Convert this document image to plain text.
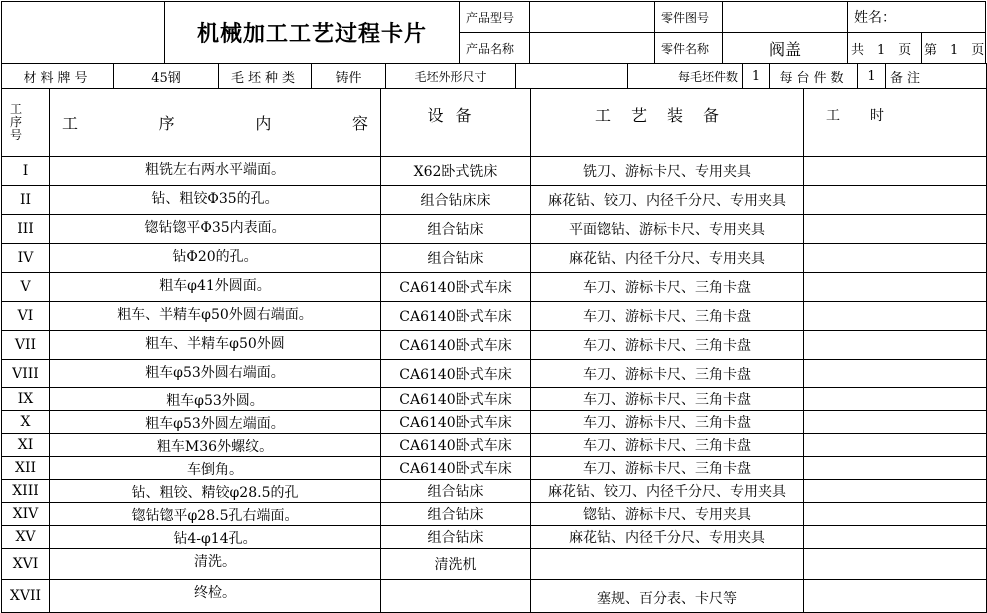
	机械加工工艺过程卡片	产品型号		零件图号		姓名：	
		产品名称		零件名称	阀盖	共　1　页	第　1　页
材料牌号	45钢	毛坯种类	铸件	毛坯外形尺寸		每毛坯件数	1	每台件数	1	备注
工序号	工 序 内 容	设备	工艺装备	工时
I	粗铣左右两水平端面。	X62卧式铣床	铣刀、游标卡尺、专用夹具	
II	钻、粗铰Φ35的孔。	组合钻床床	麻花钻、铰刀、内径千分尺、专用夹具	
III	锪钻锪平Φ35内表面。	组合钻床	平面锪钻、游标卡尺、专用夹具	
IV	钻Φ20的孔。	组合钻床	麻花钻、内径千分尺、专用夹具	
V	粗车φ41外圆面。	CA6140卧式车床	车刀、游标卡尺、三角卡盘	
VI	粗车、半精车φ50外圆右端面。	CA6140卧式车床	车刀、游标卡尺、三角卡盘	
VII	粗车、半精车φ50外圆	CA6140卧式车床	车刀、游标卡尺、三角卡盘	
VIII	粗车φ53外圆右端面。	CA6140卧式车床	车刀、游标卡尺、三角卡盘	
IX	粗车φ53外圆。	CA6140卧式车床	车刀、游标卡尺、三角卡盘	
X	粗车φ53外圆左端面。	CA6140卧式车床	车刀、游标卡尺、三角卡盘	
XI	粗车M36外螺纹。	CA6140卧式车床	车刀、游标卡尺、三角卡盘	
XII	车倒角。	CA6140卧式车床	车刀、游标卡尺、三角卡盘	
XIII	钻、粗铰、精铰φ28.5的孔	组合钻床	麻花钻、铰刀、内径千分尺、专用夹具	
XIV	锪钻锪平φ28.5孔右端面。	组合钻床	锪钻、游标卡尺、专用夹具	
XV	钻4-φ14孔。	组合钻床	麻花钻、内径千分尺、专用夹具	
XVI	清洗。	清洗机		
XVII	终检。		塞规、百分表、卡尺等	
